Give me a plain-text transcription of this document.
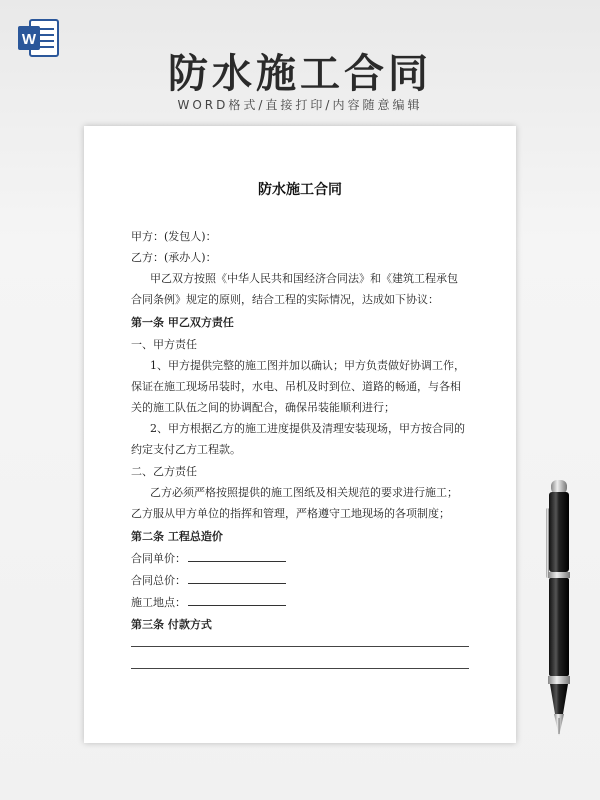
W
防水施工合同
WORD格式/直接打印/内容随意编辑
防水施工合同
甲方：(发包人)：
乙方：(承办人)：
甲乙双方按照《中华人民共和国经济合同法》和《建筑工程承包
合同条例》规定的原则，结合工程的实际情况，达成如下协议：
第一条 甲乙双方责任
一、甲方责任
1、甲方提供完整的施工图并加以确认；甲方负责做好协调工作，
保证在施工现场吊装时，水电、吊机及时到位、道路的畅通，与各相
关的施工队伍之间的协调配合，确保吊装能顺利进行；
2、甲方根据乙方的施工进度提供及清理安装现场，甲方按合同的
约定支付乙方工程款。
二、乙方责任
乙方必须严格按照提供的施工图纸及相关规范的要求进行施工；
乙方服从甲方单位的指挥和管理，严格遵守工地现场的各项制度；
第二条 工程总造价
合同单价：
合同总价：
施工地点：
第三条 付款方式
